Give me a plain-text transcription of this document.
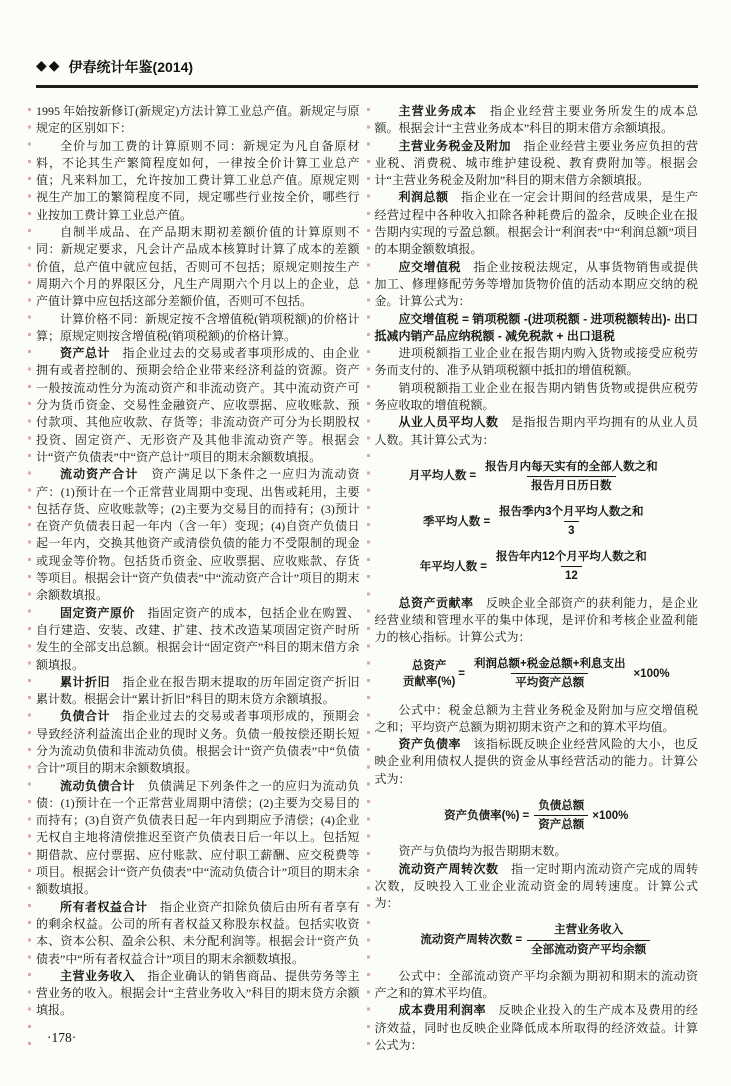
◆◆ 伊春统计年鉴(2014)

1995 年始按新修订(新规定)方法计算工业总产值。新规定与原规定的区别如下：

全价与加工费的计算原则不同：新规定为凡自备原材料，不论其生产繁简程度如何，一律按全价计算工业总产值；凡来料加工，允许按加工费计算工业总产值。原规定则视生产加工的繁简程度不同，规定哪些行业按全价，哪些行业按加工费计算工业总产值。

自制半成品、在产品期末期初差额价值的计算原则不同：新规定要求，凡会计产品成本核算时计算了成本的差额价值，总产值中就应包括，否则可不包括；原规定则按生产周期六个月的界限区分，凡生产周期六个月以上的企业，总产值计算中应包括这部分差额价值，否则可不包括。

计算价格不同：新规定按不含增值税(销项税额)的价格计算；原规定则按含增值税(销项税额)的价格计算。

资产总计　指企业过去的交易或者事项形成的、由企业拥有或者控制的、预期会给企业带来经济利益的资源。资产一般按流动性分为流动资产和非流动资产。其中流动资产可分为货币资金、交易性金融资产、应收票据、应收账款、预付款项、其他应收款、存货等；非流动资产可分为长期股权投资、固定资产、无形资产及其他非流动资产等。根据会计“资产负债表”中“资产总计”项目的期末余额数填报。

流动资产合计　资产满足以下条件之一应归为流动资产：(1)预计在一个正常营业周期中变现、出售或耗用，主要包括存货、应收账款等；(2)主要为交易目的而持有；(3)预计在资产负债表日起一年内（含一年）变现；(4)自资产负债日起一年内，交换其他资产或清偿负债的能力不受限制的现金或现金等价物。包括货币资金、应收票据、应收账款、存货等项目。根据会计“资产负债表”中“流动资产合计”项目的期末余额数填报。

固定资产原价　指固定资产的成本，包括企业在购置、自行建造、安装、改建、扩建、技术改造某项固定资产时所发生的全部支出总额。根据会计“固定资产”科目的期末借方余额填报。

累计折旧　指企业在报告期末提取的历年固定资产折旧累计数。根据会计“累计折旧”科目的期末贷方余额填报。

负债合计　指企业过去的交易或者事项形成的，预期会导致经济利益流出企业的现时义务。负债一般按偿还期长短分为流动负债和非流动负债。根据会计“资产负债表”中“负债合计”项目的期末余额数填报。

流动负债合计　负债满足下列条件之一的应归为流动负债：(1)预计在一个正常营业周期中清偿；(2)主要为交易目的而持有；(3)自资产负债表日起一年内到期应予清偿；(4)企业无权自主地将清偿推迟至资产负债表日后一年以上。包括短期借款、应付票据、应付账款、应付职工薪酬、应交税费等项目。根据会计“资产负债表”中“流动负债合计”项目的期末余额数填报。

所有者权益合计　指企业资产扣除负债后由所有者享有的剩余权益。公司的所有者权益又称股东权益。包括实收资本、资本公积、盈余公积、未分配利润等。根据会计“资产负债表”中“所有者权益合计”项目的期末余额数填报。

主营业务收入　指企业确认的销售商品、提供劳务等主营业务的收入。根据会计“主营业务收入”科目的期末贷方余额填报。

主营业务成本　指企业经营主要业务所发生的成本总额。根据会计“主营业务成本”科目的期末借方余额填报。

主营业务税金及附加　指企业经营主要业务应负担的营业税、消费税、城市维护建设税、教育费附加等。根据会计“主营业务税金及附加”科目的期末借方余额填报。

利润总额　指企业在一定会计期间的经营成果，是生产经营过程中各种收入扣除各种耗费后的盈余，反映企业在报告期内实现的亏盈总额。根据会计“利润表”中“利润总额”项目的本期金额数填报。

应交增值税　指企业按税法规定，从事货物销售或提供加工、修理修配劳务等增加货物价值的活动本期应交纳的税金。计算公式为：

应交增值税 = 销项税额 -(进项税额 - 进项税额转出)- 出口抵减内销产品应纳税额 - 减免税款 + 出口退税

进项税额指工业企业在报告期内购入货物或接受应税劳务而支付的、准予从销项税额中抵扣的增值税额。

销项税额指工业企业在报告期内销售货物或提供应税劳务应收取的增值税额。

从业人员平均人数　是指报告期内平均拥有的从业人员人数。其计算公式为：

月平均人数 = $\frac{\text{报告月内每天实有的全部人数之和}}{\text{报告月日历日数}}$
季平均人数 = $\frac{\text{报告季内3个月平均人数之和}}{3}$
年平均人数 = $\frac{\text{报告年内12个月平均人数之和}}{12}$

总资产贡献率　反映企业全部资产的获利能力，是企业经营业绩和管理水平的集中体现，是评价和考核企业盈利能力的核心指标。计算公式为：

总资产
贡献率(%)
= $\frac{\text{利润总额+税金总额+利息支出}}{\text{平均资产总额}} \times 100\%$

公式中：税金总额为主营业务税金及附加与应交增值税之和；平均资产总额为期初期末资产之和的算术平均值。

资产负债率　该指标既反映企业经营风险的大小，也反映企业利用债权人提供的资金从事经营活动的能力。计算公式为：

资产负债率(%) = $\frac{\text{负债总额}}{\text{资产总额}} \times 100\%$

资产与负债均为报告期期末数。

流动资产周转次数　指一定时期内流动资产完成的周转次数，反映投入工业企业流动资金的周转速度。计算公式为：

流动资产周转次数 = $\frac{\text{主营业务收入}}{\text{全部流动资产平均余额}}$

公式中：全部流动资产平均余额为期初和期末的流动资产之和的算术平均值。

成本费用利润率　反映企业投入的生产成本及费用的经济效益，同时也反映企业降低成本所取得的经济效益。计算公式为：

·178·
